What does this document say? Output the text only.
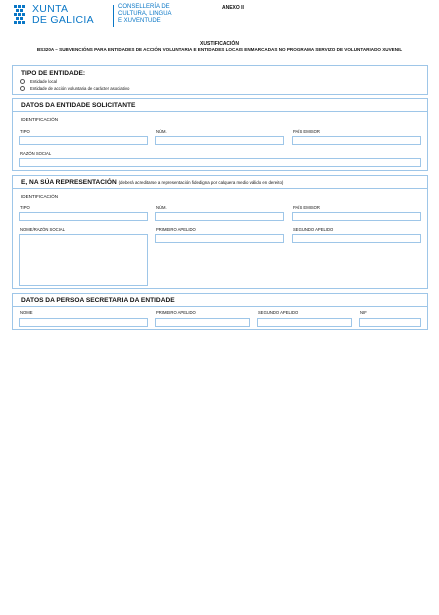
XUNTA
DE GALICIA
CONSELLERÍA DE
CULTURA, LINGUA
E XUVENTUDE
ANEXO II
XUSTIFICACIÓN
BS320A – SUBVENCIÓNS PARA ENTIDADES DE ACCIÓN VOLUNTARIA E ENTIDADES LOCAIS ENMARCADAS NO PROGRAMA SERVIZO DE VOLUNTARIADO XUVENIL
TIPO DE ENTIDADE:
Entidade local
Entidade de acción voluntaria de carácter asociativo
DATOS DA ENTIDADE SOLICITANTE
IDENTIFICACIÓN
TIPO	NÚM.	PAÍS EMISOR
RAZÓN SOCIAL
E, NA SÚA REPRESENTACIÓN (deberá acreditarse a representación fidedigna por calquera medio válido en dereito)
IDENTIFICACIÓN
TIPO	NÚM.	PAÍS EMISOR
NOME/RAZÓN SOCIAL	PRIMEIRO APELIDO	SEGUNDO APELIDO
DATOS DA PERSOA SECRETARIA DA ENTIDADE
NOME	PRIMEIRO APELIDO	SEGUNDO APELIDO	NIF
